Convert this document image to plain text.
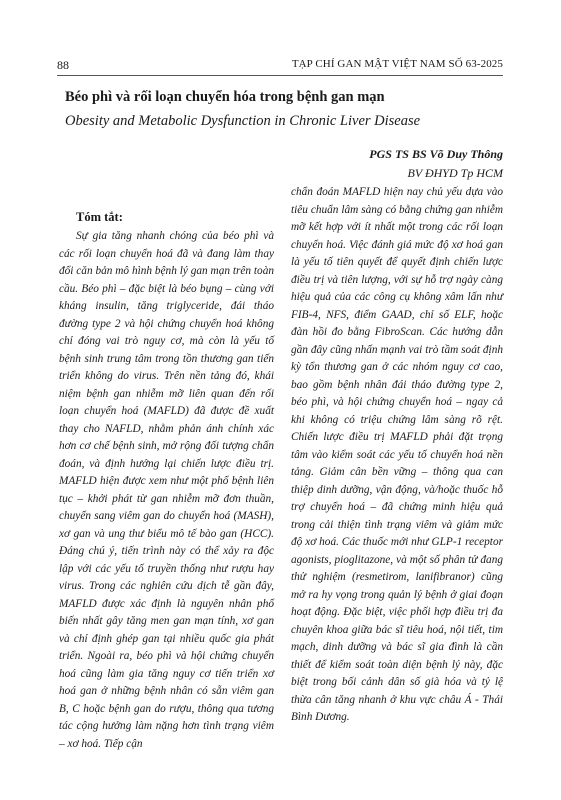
88	TẠP CHÍ GAN MẬT VIỆT NAM SỐ 63-2025
Béo phì và rối loạn chuyển hóa trong bệnh gan mạn
Obesity and Metabolic Dysfunction in Chronic Liver Disease
PGS TS BS Võ Duy Thông
BV ĐHYD Tp HCM
Tóm tắt:
Sự gia tăng nhanh chóng của béo phì và các rối loạn chuyển hoá đã và đang làm thay đổi căn bản mô hình bệnh lý gan mạn trên toàn cầu. Béo phì – đặc biệt là béo bụng – cùng với kháng insulin, tăng triglyceride, đái tháo đường type 2 và hội chứng chuyển hoá không chỉ đóng vai trò nguy cơ, mà còn là yếu tố bệnh sinh trung tâm trong tồn thương gan tiến triển không do virus. Trên nền tảng đó, khái niệm bệnh gan nhiễm mỡ liên quan đến rối loạn chuyển hoá (MAFLD) đã được đề xuất thay cho NAFLD, nhằm phản ánh chính xác hơn cơ chế bệnh sinh, mở rộng đối tượng chẩn đoán, và định hướng lại chiến lược điều trị. MAFLD hiện được xem như một phổ bệnh liên tục – khởi phát từ gan nhiễm mỡ đơn thuần, chuyển sang viêm gan do chuyển hoá (MASH), xơ gan và ung thư biểu mô tế bào gan (HCC). Đáng chú ý, tiến trình này có thể xảy ra độc lập với các yếu tố truyền thống như rượu hay virus. Trong các nghiên cứu dịch tễ gần đây, MAFLD được xác định là nguyên nhân phổ biến nhất gây tăng men gan mạn tính, xơ gan và chỉ định ghép gan tại nhiều quốc gia phát triển. Ngoài ra, béo phì và hội chứng chuyển hoá cũng làm gia tăng nguy cơ tiến triển xơ hoá gan ở những bệnh nhân có sẵn viêm gan B, C hoặc bệnh gan do rượu, thông qua tương tác cộng hưởng làm nặng hơn tình trạng viêm – xơ hoá. Tiếp cận
chẩn đoán MAFLD hiện nay chủ yếu dựa vào tiêu chuẩn lâm sàng có bằng chứng gan nhiễm mỡ kết hợp với ít nhất một trong các rối loạn chuyển hoá. Việc đánh giá mức độ xơ hoá gan là yếu tố tiên quyết để quyết định chiến lược điều trị và tiên lượng, với sự hỗ trợ ngày càng hiệu quả của các công cụ không xâm lấn như FIB-4, NFS, điểm GAAD, chỉ số ELF, hoặc đàn hồi đo bằng FibroScan. Các hướng dẫn gần đây cũng nhấn mạnh vai trò tầm soát định kỳ tổn thương gan ở các nhóm nguy cơ cao, bao gồm bệnh nhân đái tháo đường type 2, béo phì, và hội chứng chuyển hoá – ngay cả khi không có triệu chứng lâm sàng rõ rệt. Chiến lược điều trị MAFLD phải đặt trọng tâm vào kiểm soát các yếu tố chuyển hoá nền tảng. Giảm cân bền vững – thông qua can thiệp dinh dưỡng, vận động, và/hoặc thuốc hỗ trợ chuyển hoá – đã chứng minh hiệu quả trong cải thiện tình trạng viêm và giảm mức độ xơ hoá. Các thuốc mới như GLP-1 receptor agonists, pioglitazone, và một số phân tử đang thử nghiệm (resmetirom, lanifibranor) cũng mở ra hy vọng trong quản lý bệnh ở giai đoạn hoạt động. Đặc biệt, việc phối hợp điều trị đa chuyên khoa giữa bác sĩ tiêu hoá, nội tiết, tim mạch, dinh dưỡng và bác sĩ gia đình là cần thiết để kiểm soát toàn diện bệnh lý này, đặc biệt trong bối cảnh dân số già hóa và tỷ lệ thừa cân tăng nhanh ở khu vực châu Á - Thái Bình Dương.
